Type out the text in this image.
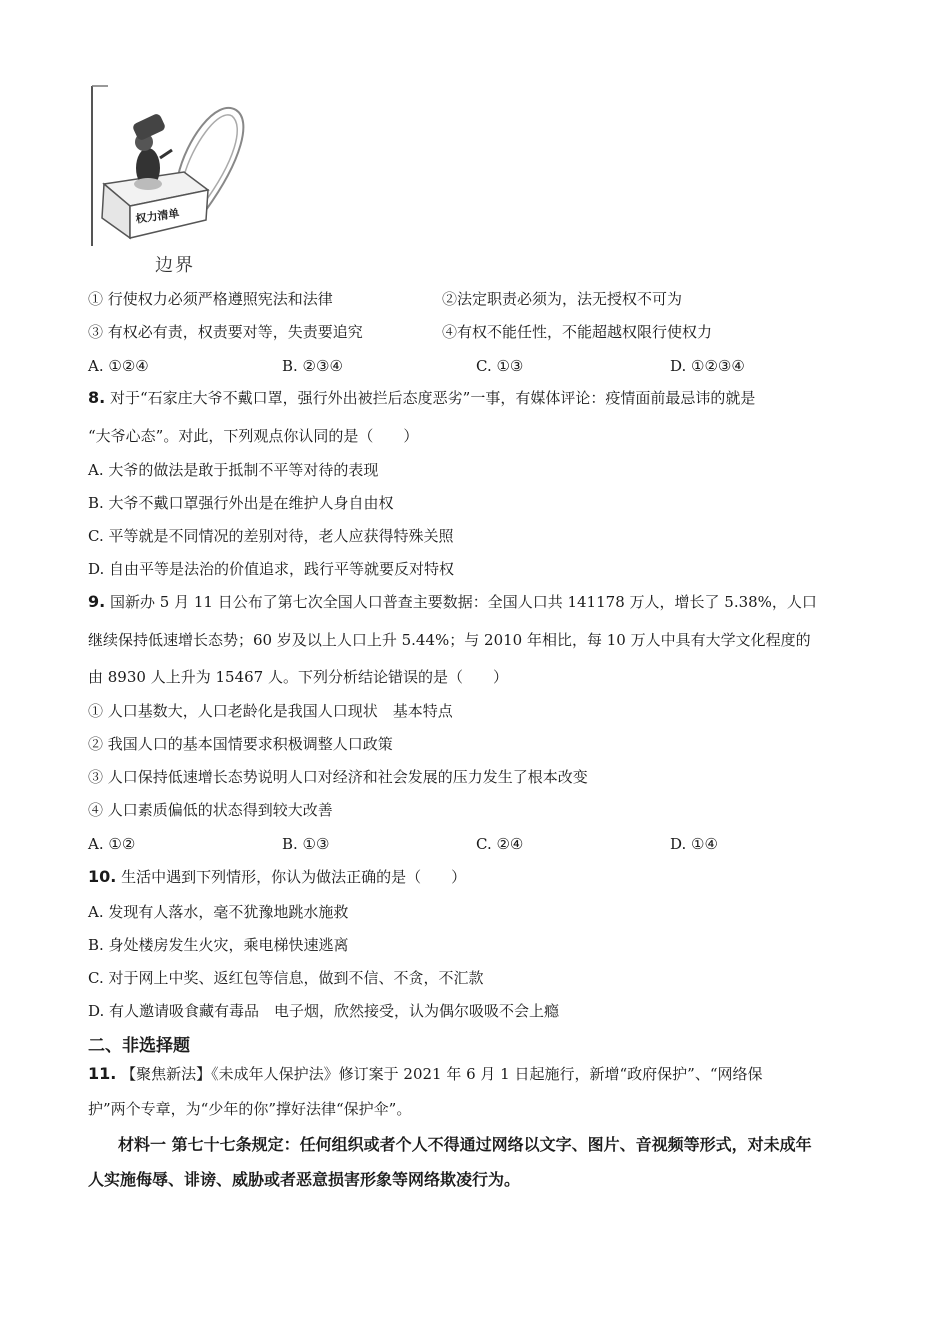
权力清单
边界
① 行使权力必须严格遵照宪法和法律	②法定职责必须为，法无授权不可为
③ 有权必有责，权责要对等，失责要追究	④有权不能任性，不能超越权限行使权力
A. ①②④	B. ②③④	C. ①③	D. ①②③④
8. 对于“石家庄大爷不戴口罩，强行外出被拦后态度恶劣”一事，有媒体评论：疫情面前最忌讳的就是
“大爷心态”。对此，下列观点你认同的是（　　）
A. 大爷的做法是敢于抵制不平等对待的表现
B. 大爷不戴口罩强行外出是在维护人身自由权
C. 平等就是不同情况的差别对待，老人应获得特殊关照
D. 自由平等是法治的价值追求，践行平等就要反对特权
9. 国新办 5 月 11 日公布了第七次全国人口普查主要数据：全国人口共 141178 万人，增长了 5.38%，人口
继续保持低速增长态势；60 岁及以上人口上升 5.44%；与 2010 年相比，每 10 万人中具有大学文化程度的
由 8930 人上升为 15467 人。下列分析结论错误的是（　　）
① 人口基数大，人口老龄化是我国人口现状　基本特点
② 我国人口的基本国情要求积极调整人口政策
③ 人口保持低速增长态势说明人口对经济和社会发展的压力发生了根本改变
④ 人口素质偏低的状态得到较大改善
A. ①②	B. ①③	C. ②④	D. ①④
10. 生活中遇到下列情形，你认为做法正确的是（　　）
A. 发现有人落水，毫不犹豫地跳水施救
B. 身处楼房发生火灾，乘电梯快速逃离
C. 对于网上中奖、返红包等信息，做到不信、不贪，不汇款
D. 有人邀请吸食藏有毒品　电子烟，欣然接受，认为偶尔吸吸不会上瘾
二、非选择题
11. 【聚焦新法】《未成年人保护法》修订案于 2021 年 6 月 1 日起施行，新增“政府保护”、“网络保
护”两个专章，为“少年的你”撑好法律“保护伞”。
材料一 第七十七条规定：任何组织或者个人不得通过网络以文字、图片、音视频等形式，对未成年
人实施侮辱、诽谤、威胁或者恶意损害形象等网络欺凌行为。
